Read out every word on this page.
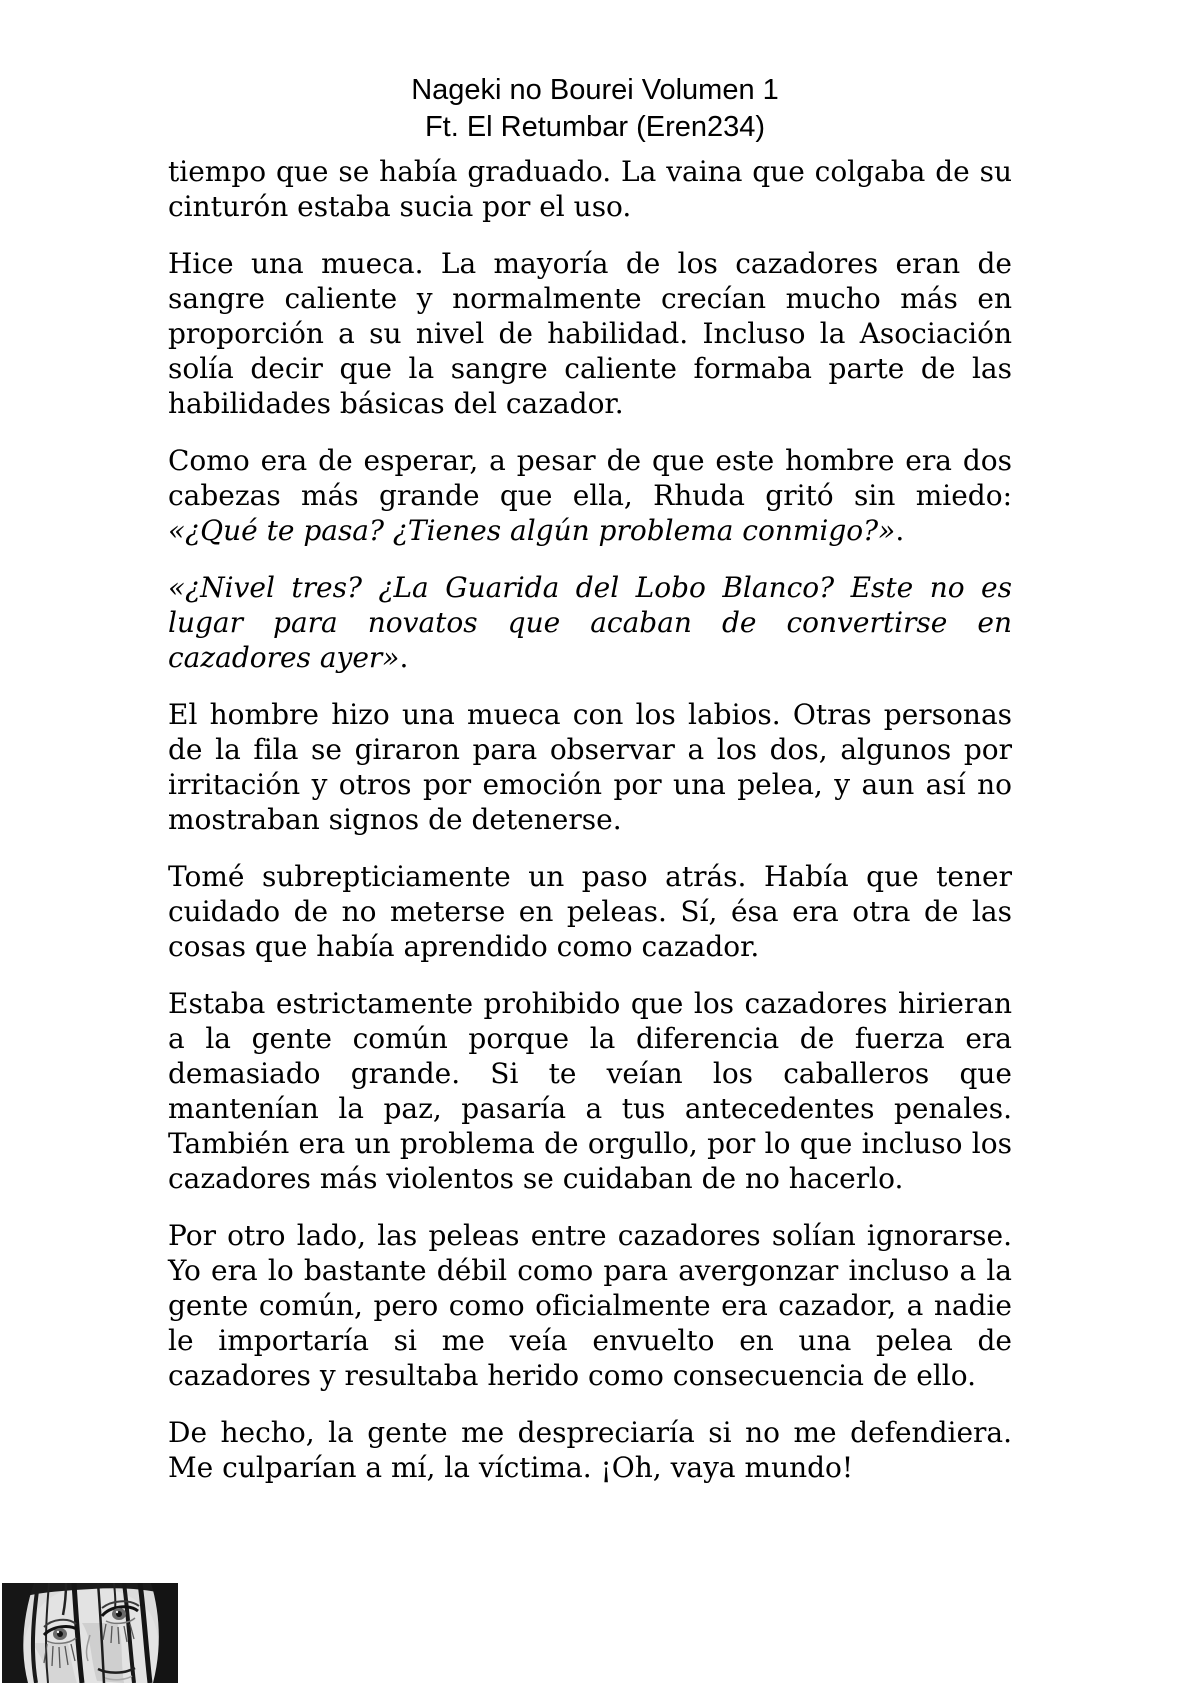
Nageki no Bourei Volumen 1
Ft. El Retumbar (Eren234)

tiempo que se había graduado. La vaina que colgaba de su cinturón estaba sucia por el uso.

Hice una mueca. La mayoría de los cazadores eran de sangre caliente y normalmente crecían mucho más en proporción a su nivel de habilidad. Incluso la Asociación solía decir que la sangre caliente formaba parte de las habilidades básicas del cazador.

Como era de esperar, a pesar de que este hombre era dos cabezas más grande que ella, Rhuda gritó sin miedo: «¿Qué te pasa? ¿Tienes algún problema conmigo?».

«¿Nivel tres? ¿La Guarida del Lobo Blanco? Este no es lugar para novatos que acaban de convertirse en cazadores ayer».

El hombre hizo una mueca con los labios. Otras personas de la fila se giraron para observar a los dos, algunos por irritación y otros por emoción por una pelea, y aun así no mostraban signos de detenerse.

Tomé subrepticiamente un paso atrás. Había que tener cuidado de no meterse en peleas. Sí, ésa era otra de las cosas que había aprendido como cazador.

Estaba estrictamente prohibido que los cazadores hirieran a la gente común porque la diferencia de fuerza era demasiado grande. Si te veían los caballeros que mantenían la paz, pasaría a tus antecedentes penales. También era un problema de orgullo, por lo que incluso los cazadores más violentos se cuidaban de no hacerlo.

Por otro lado, las peleas entre cazadores solían ignorarse. Yo era lo bastante débil como para avergonzar incluso a la gente común, pero como oficialmente era cazador, a nadie le importaría si me veía envuelto en una pelea de cazadores y resultaba herido como consecuencia de ello.

De hecho, la gente me despreciaría si no me defendiera. Me culparían a mí, la víctima. ¡Oh, vaya mundo!
